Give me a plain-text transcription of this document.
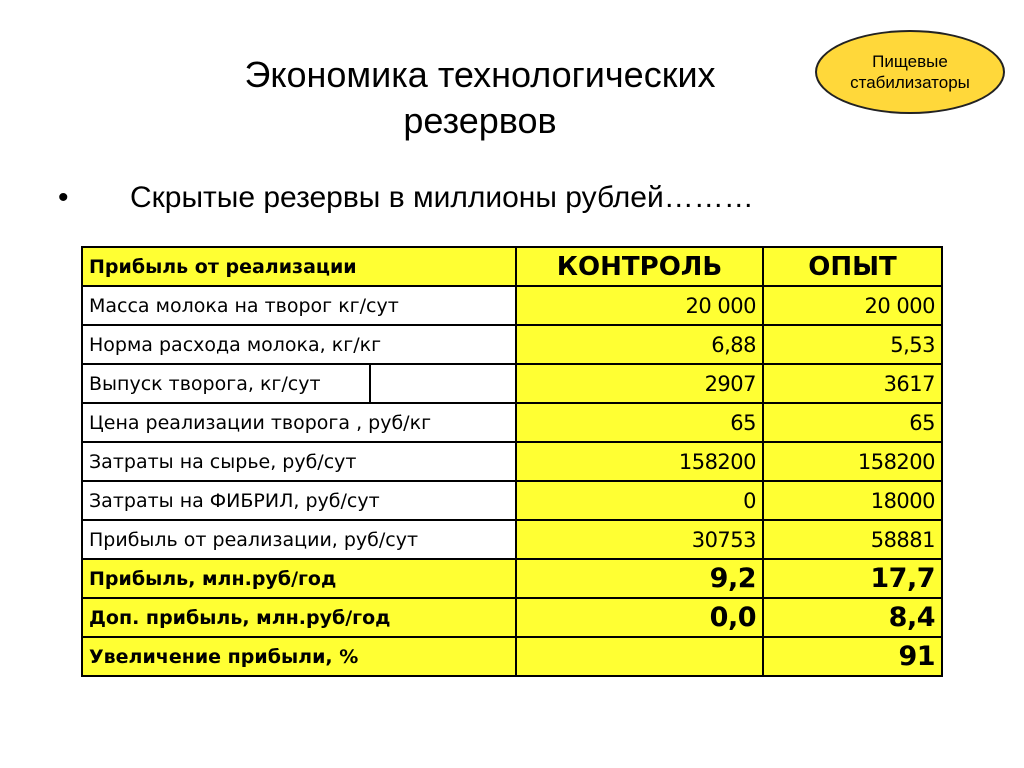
Экономика технологических
резервов
Пищевые
стабилизаторы
• Скрытые резервы в миллионы рублей………
Прибыль от реализации		КОНТРОЛЬ	ОПЫТ
Масса молока на творог кг/сут		20 000	20 000
Норма расхода молока, кг/кг		6,88	5,53
Выпуск творога, кг/сут		2907	3617
Цена реализации творога , руб/кг		65	65
Затраты на сырье, руб/сут		158200	158200
Затраты на ФИБРИЛ, руб/сут		0	18000
Прибыль от реализации, руб/сут		30753	58881
Прибыль, млн.руб/год		9,2	17,7
Доп. прибыль, млн.руб/год		0,0	8,4
Увеличение прибыли, %			91
